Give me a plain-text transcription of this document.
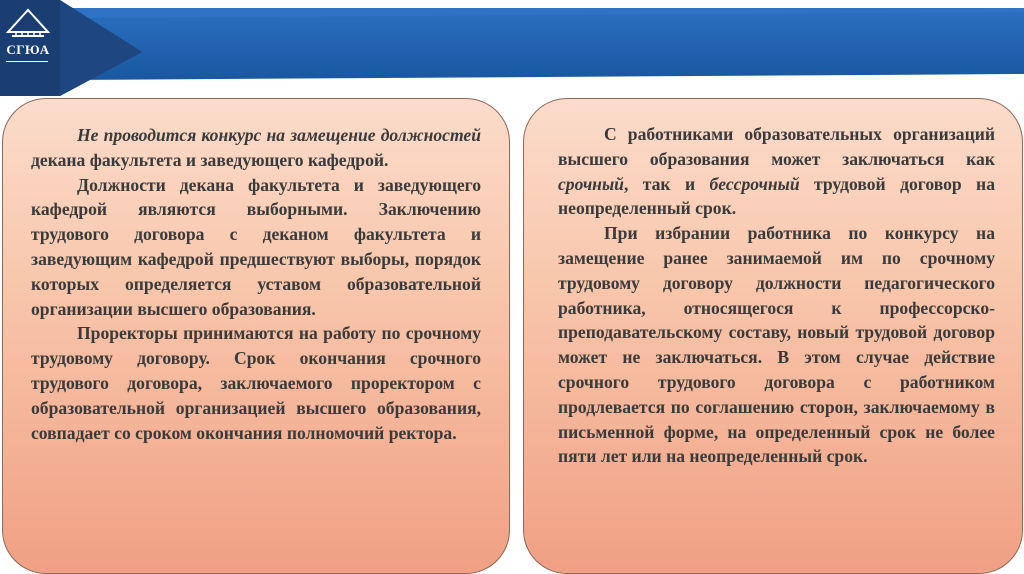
СГЮА

Не проводится конкурс на замещение должностей декана факультета и заведующего кафедрой.

Должности декана факультета и заведующего кафедрой являются выборными. Заключению трудового договора с деканом факультета и заведующим кафедрой предшествуют выборы, порядок которых определяется уставом образовательной организации высшего образования.

Проректоры принимаются на работу по срочному трудовому договору. Срок окончания срочного трудового договора, заключаемого проректором с образовательной организацией высшего образования, совпадает со сроком окончания полномочий ректора.

С работниками образовательных организаций высшего образования может заключаться как срочный, так и бессрочный трудовой договор на неопределенный срок.

При избрании работника по конкурсу на замещение ранее занимаемой им по срочному трудовому договору должности педагогического работника, относящегося к профессорско-преподавательскому составу, новый трудовой договор может не заключаться. В этом случае действие срочного трудового договора с работником продлевается по соглашению сторон, заключаемому в письменной форме, на определенный срок не более пяти лет или на неопределенный срок.
